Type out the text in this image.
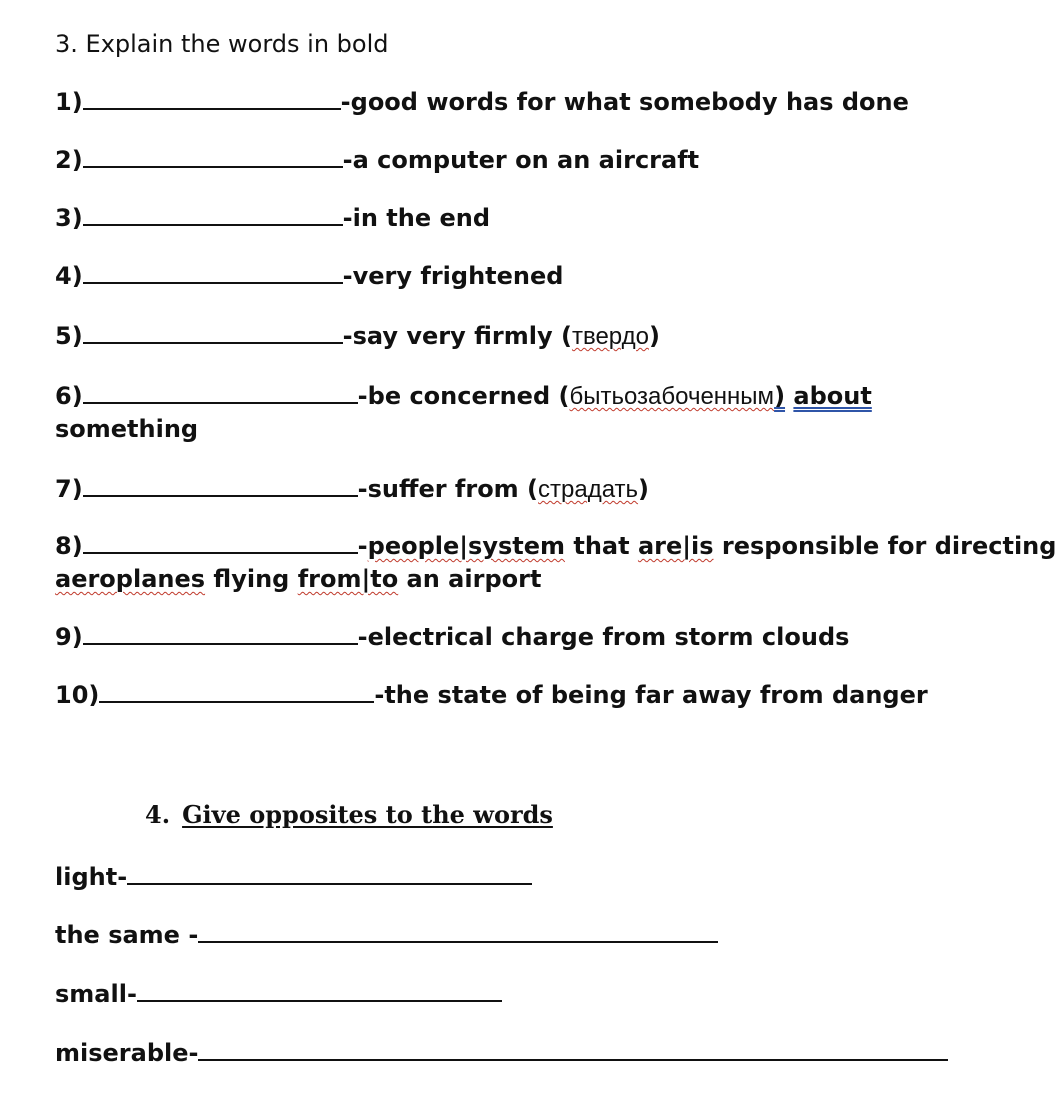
3. Explain the words in bold
1)	-good words for what somebody has done
2)	-a computer on an aircraft
3)	-in the end
4)	-very frightened
5)	-say very firmly (твердо)
6)	-be concerned (бытьозабоченным) about
something
7)	-suffer from (страдать)
8)	-people|system that are|is responsible for directing
aeroplanes flying from|to an airport
9)	-electrical charge from storm clouds
10)	-the state of being far away from danger
4. Give opposites to the words
light-
the same -
small-
miserable-
